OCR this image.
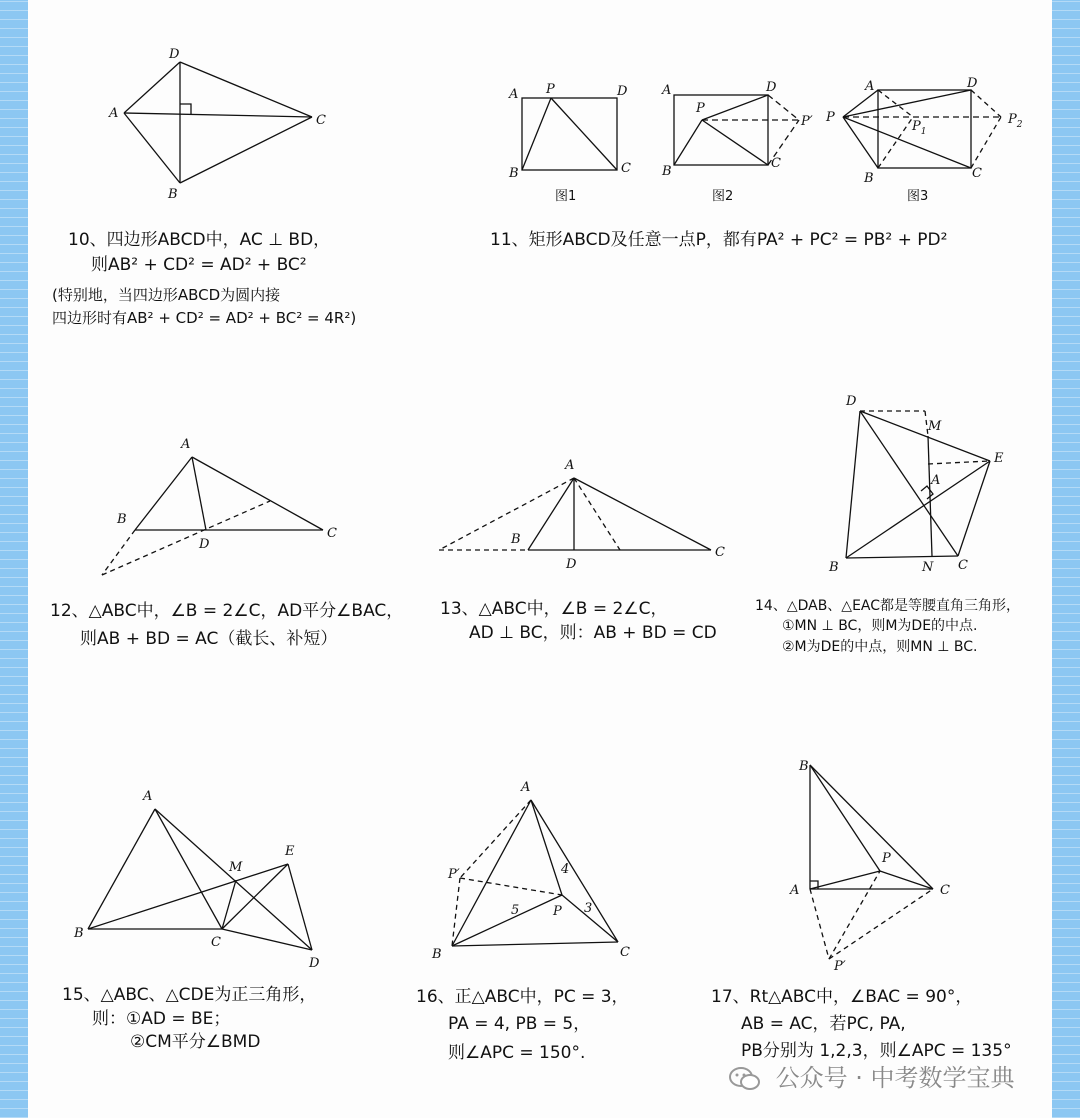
A
B
C
D
A
B	C
D
P
图1
A
B
C
D
P
P′
图2
A
B	C
D
P
$P_1$
$P_2$
图3
A
B
C
D
A
B
C
D
D
M
E
A
B	N C
A
B
C
D
E
M
A
B	C
P
P′
3
4
5
B
A	C
P
P′
10、四边形ABCD中，AC ⊥ BD，
则AB² + CD² = AD² + BC²
(特别地，当四边形ABCD为圆内接
四边形时有AB² + CD² = AD² + BC² = 4R²)
11、矩形ABCD及任意一点P，都有PA² + PC² = PB² + PD²
12、△ABC中，∠B = 2∠C，AD平分∠BAC，
则AB + BD = AC（截长、补短）
13、△ABC中，∠B = 2∠C，
AD ⊥ BC，则：AB + BD = CD
14、△DAB、△EAC都是等腰直角三角形，
①MN ⊥ BC，则M为DE的中点.
②M为DE的中点，则MN ⊥ BC.
15、△ABC、△CDE为正三角形，
则：①AD = BE；
②CM平分∠BMD
16、正△ABC中，PC = 3，
PA = 4, PB = 5，
则∠APC = 150°.
17、Rt△ABC中，∠BAC = 90°，
AB = AC，若PC, PA,
PB分别为 1,2,3，则∠APC = 135°
公众号 · 中考数学宝典
